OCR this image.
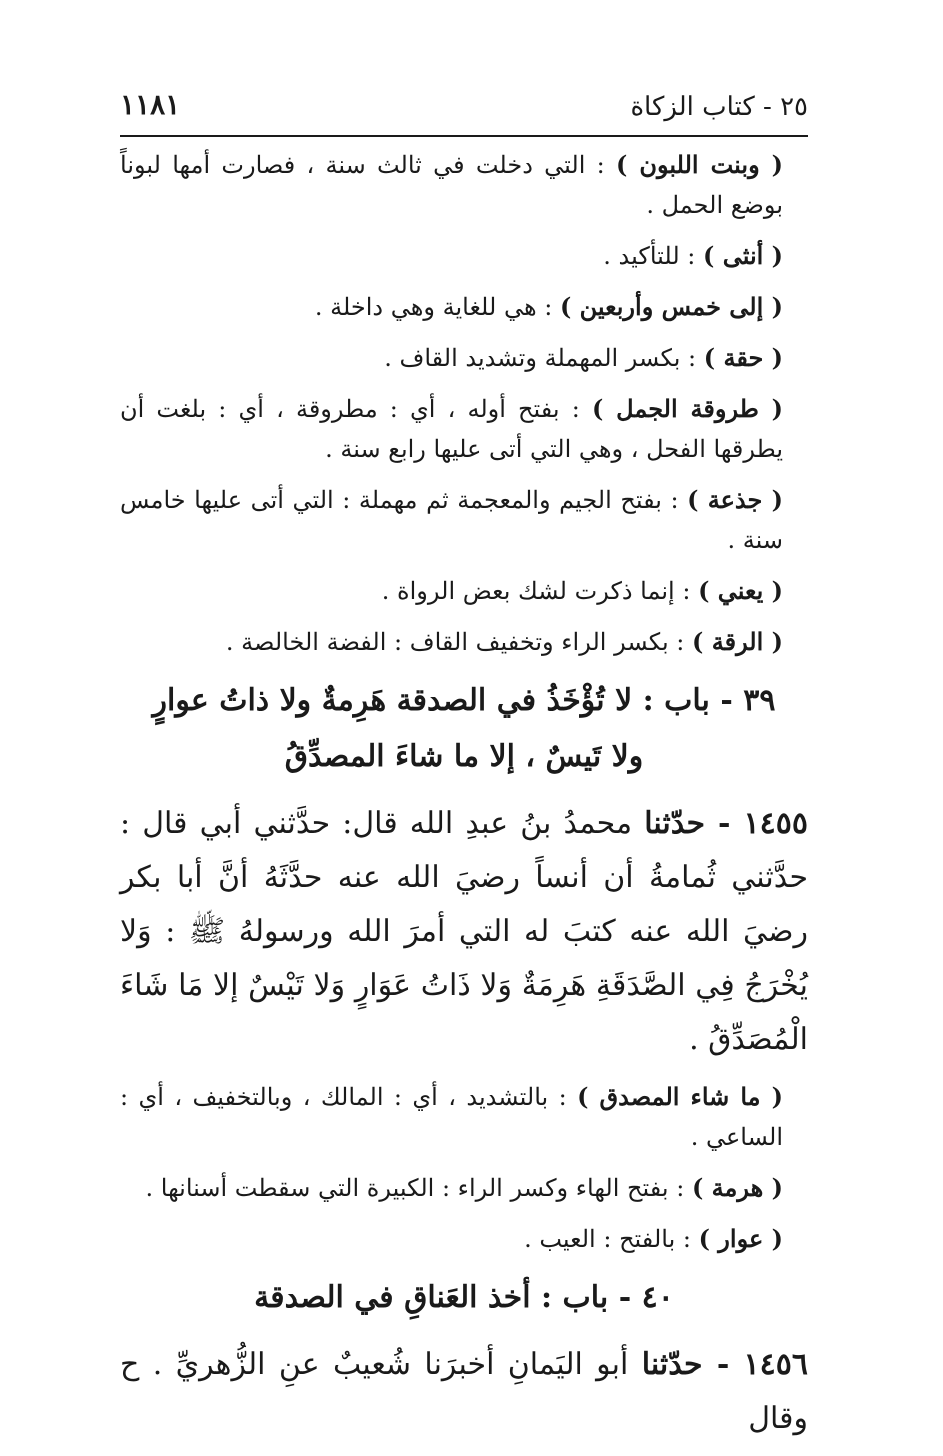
٢٥ - كتاب الزكاة
١١٨١

( وبنت اللبون ) : التي دخلت في ثالث سنة ، فصارت أمها لبوناً بوضع الحمل .

( أنثى ) : للتأكيد .

( إلى خمس وأربعين ) : هي للغاية وهي داخلة .

( حقة ) : بكسر المهملة وتشديد القاف .

( طروقة الجمل ) : بفتح أوله ، أي : مطروقة ، أي : بلغت أن يطرقها الفحل ، وهي التي أتى عليها رابع سنة .

( جذعة ) : بفتح الجيم والمعجمة ثم مهملة : التي أتى عليها خامس سنة .

( يعني ) : إنما ذكرت لشك بعض الرواة .

( الرقة ) : بكسر الراء وتخفيف القاف : الفضة الخالصة .

٣٩ - باب : لا تُؤْخَذُ في الصدقة هَرِمةٌ ولا ذاتُ عوارٍ
ولا تَيسٌ ، إلا ما شاءَ المصدِّقُ

١٤٥٥ - حدّثنا محمدُ بنُ عبدِ الله قال: حدَّثني أبي قال : حدَّثني ثُمامةُ أن أنساً رضيَ الله عنه حدَّثَهُ أنَّ أبا بكر رضيَ الله عنه كتبَ له التي أمرَ الله ورسولهُ ﷺ : وَلا يُخْرَجُ فِي الصَّدَقَةِ هَرِمَةٌ وَلا ذَاتُ عَوَارٍ وَلا تَيْسٌ إلا مَا شَاءَ الْمُصَدِّقُ .

( ما شاء المصدق ) : بالتشديد ، أي : المالك ، وبالتخفيف ، أي : الساعي .

( هرمة ) : بفتح الهاء وكسر الراء : الكبيرة التي سقطت أسنانها .

( عوار ) : بالفتح : العيب .

٤٠ - باب : أخذ العَناقِ في الصدقة

١٤٥٦ - حدّثنا أبو اليَمانِ أخبرَنا شُعيبٌ عنِ الزُّهريِّ . ح وقال
